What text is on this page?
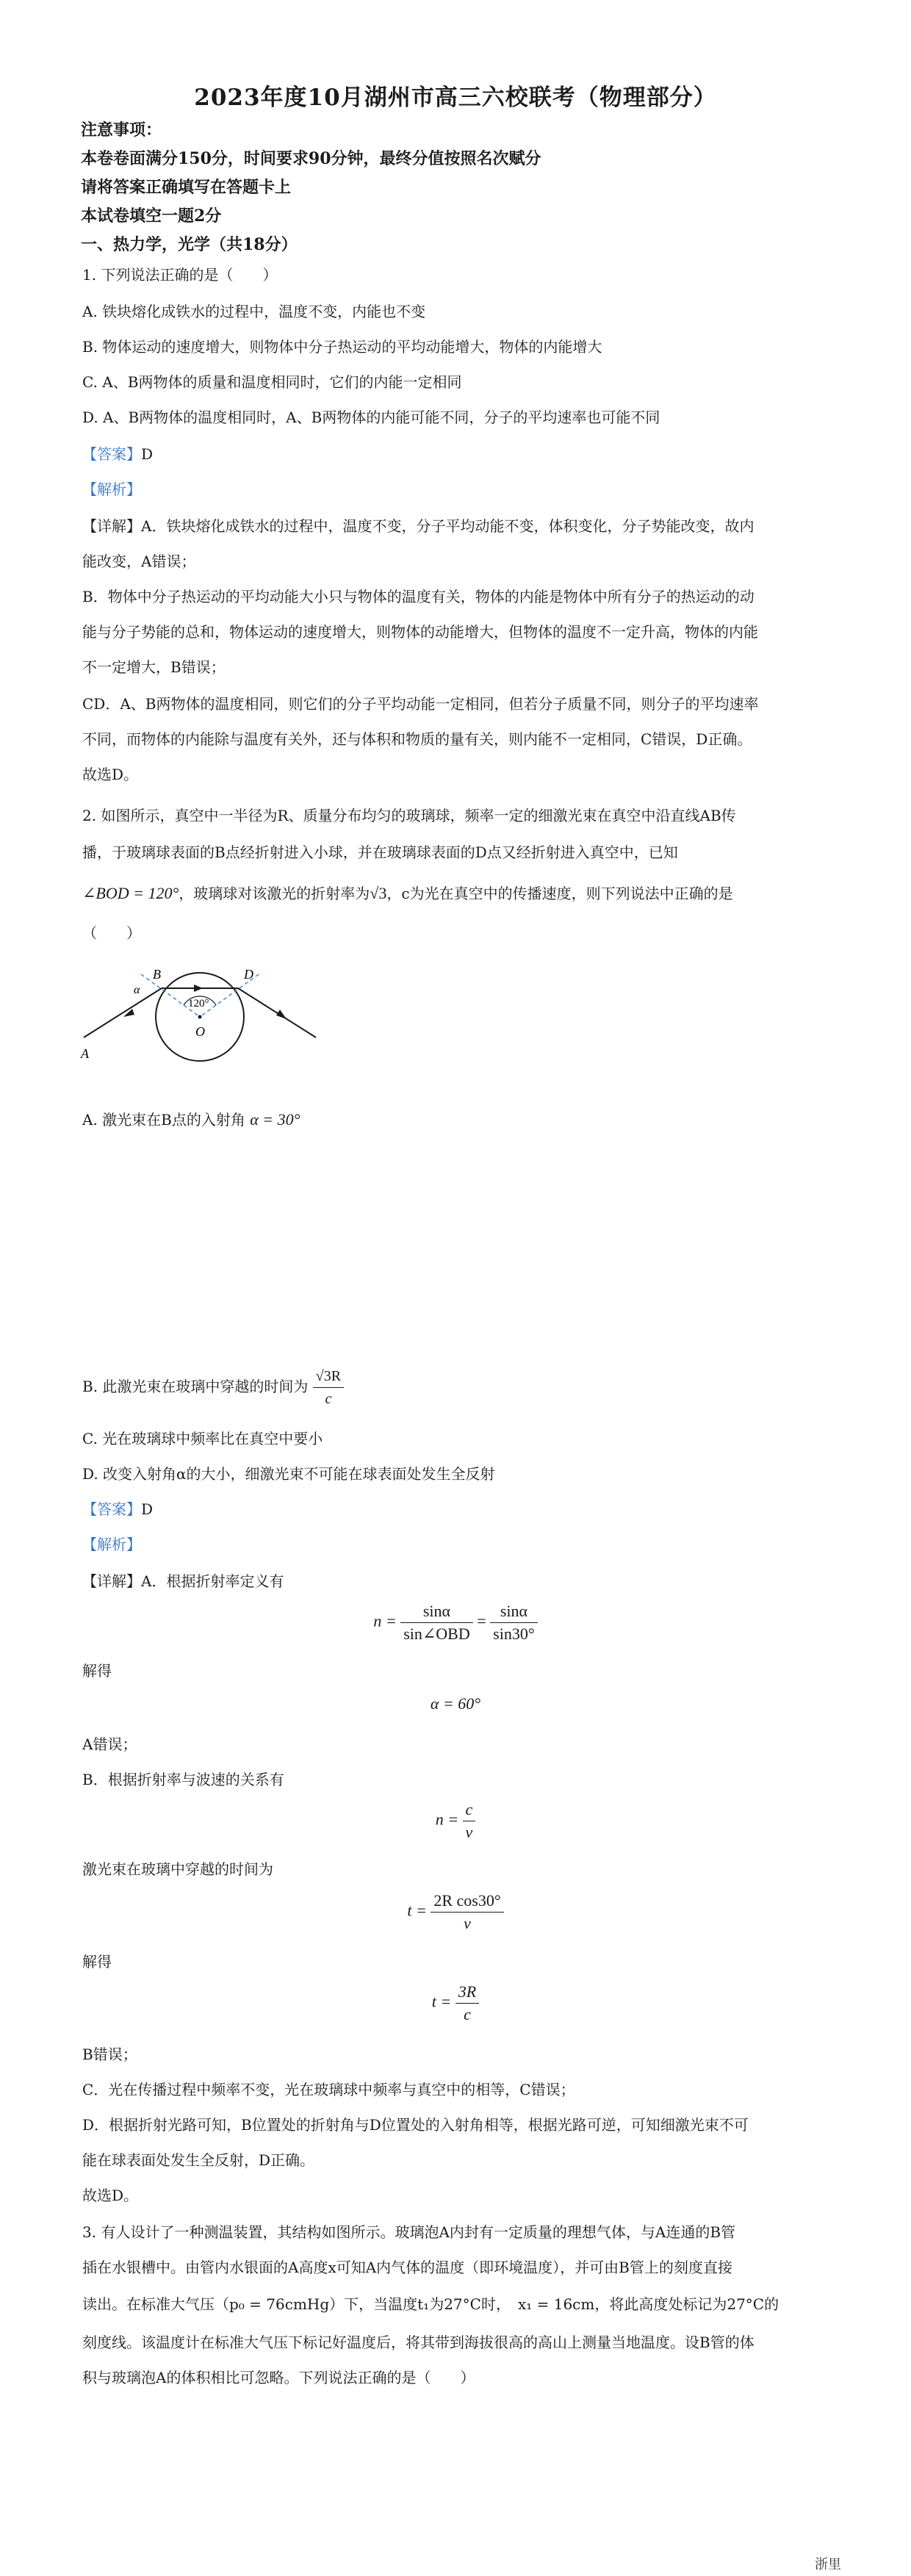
2023年度10月湖州市高三六校联考（物理部分）
注意事项：
本卷卷面满分150分，时间要求90分钟，最终分值按照名次赋分
请将答案正确填写在答题卡上
本试卷填空一题2分
一、热力学，光学（共18分）
1. 下列说法正确的是（　　）
A. 铁块熔化成铁水的过程中，温度不变，内能也不变
B. 物体运动的速度增大，则物体中分子热运动的平均动能增大，物体的内能增大
C. A、B两物体的质量和温度相同时，它们的内能一定相同
D. A、B两物体的温度相同时，A、B两物体的内能可能不同，分子的平均速率也可能不同
【答案】D
【解析】
【详解】A．铁块熔化成铁水的过程中，温度不变，分子平均动能不变，体积变化，分子势能改变，故内
能改变，A错误；
B．物体中分子热运动的平均动能大小只与物体的温度有关，物体的内能是物体中所有分子的热运动的动
能与分子势能的总和，物体运动的速度增大，则物体的动能增大，但物体的温度不一定升高，物体的内能
不一定增大，B错误；
CD．A、B两物体的温度相同，则它们的分子平均动能一定相同，但若分子质量不同，则分子的平均速率
不同，而物体的内能除与温度有关外，还与体积和物质的量有关，则内能不一定相同，C错误，D正确。
故选D。
2. 如图所示，真空中一半径为R、质量分布均匀的玻璃球，频率一定的细激光束在真空中沿直线AB传
播，于玻璃球表面的B点经折射进入小球，并在玻璃球表面的D点又经折射进入真空中，已知
∠BOD = 120°，玻璃球对该激光的折射率为√3，c为光在真空中的传播速度，则下列说法中正确的是
（　　）
B	D
A
O
α
120°
A. 激光束在B点的入射角 α = 30°
B. 此激光束在玻璃中穿越的时间为 $\frac{√3R}{c}$
C. 光在玻璃球中频率比在真空中要小
D. 改变入射角α的大小，细激光束不可能在球表面处发生全反射
【答案】D
【解析】
【详解】A．根据折射率定义有
$n = \frac{\sin\alpha}{\text{sin∠OBD}} = \frac{\sin\alpha}{\sin 30^\circ}$
解得
α = 60°
A错误；
B．根据折射率与波速的关系有
$n = \frac{c}{v}$
激光束在玻璃中穿越的时间为
$t = \frac{\text{2R cos30°}}{v}$
解得
$t = \frac{3R}{c}$
B错误；
C．光在传播过程中频率不变，光在玻璃球中频率与真空中的相等，C错误；
D．根据折射光路可知，B位置处的折射角与D位置处的入射角相等，根据光路可逆，可知细激光束不可
能在球表面处发生全反射，D正确。
故选D。
3. 有人设计了一种测温装置，其结构如图所示。玻璃泡A内封有一定质量的理想气体，与A连通的B管
插在水银槽中。由管内水银面的A高度x可知A内气体的温度（即环境温度），并可由B管上的刻度直接
读出。在标准大气压（p₀ = 76cmHg）下，当温度t₁为27°C时，　x₁ = 16cm，将此高度处标记为27°C的
刻度线。该温度计在标准大气压下标记好温度后，将其带到海拔很高的高山上测量当地温度。设B管的体
积与玻璃泡A的体积相比可忽略。下列说法正确的是（　　）
浙里
